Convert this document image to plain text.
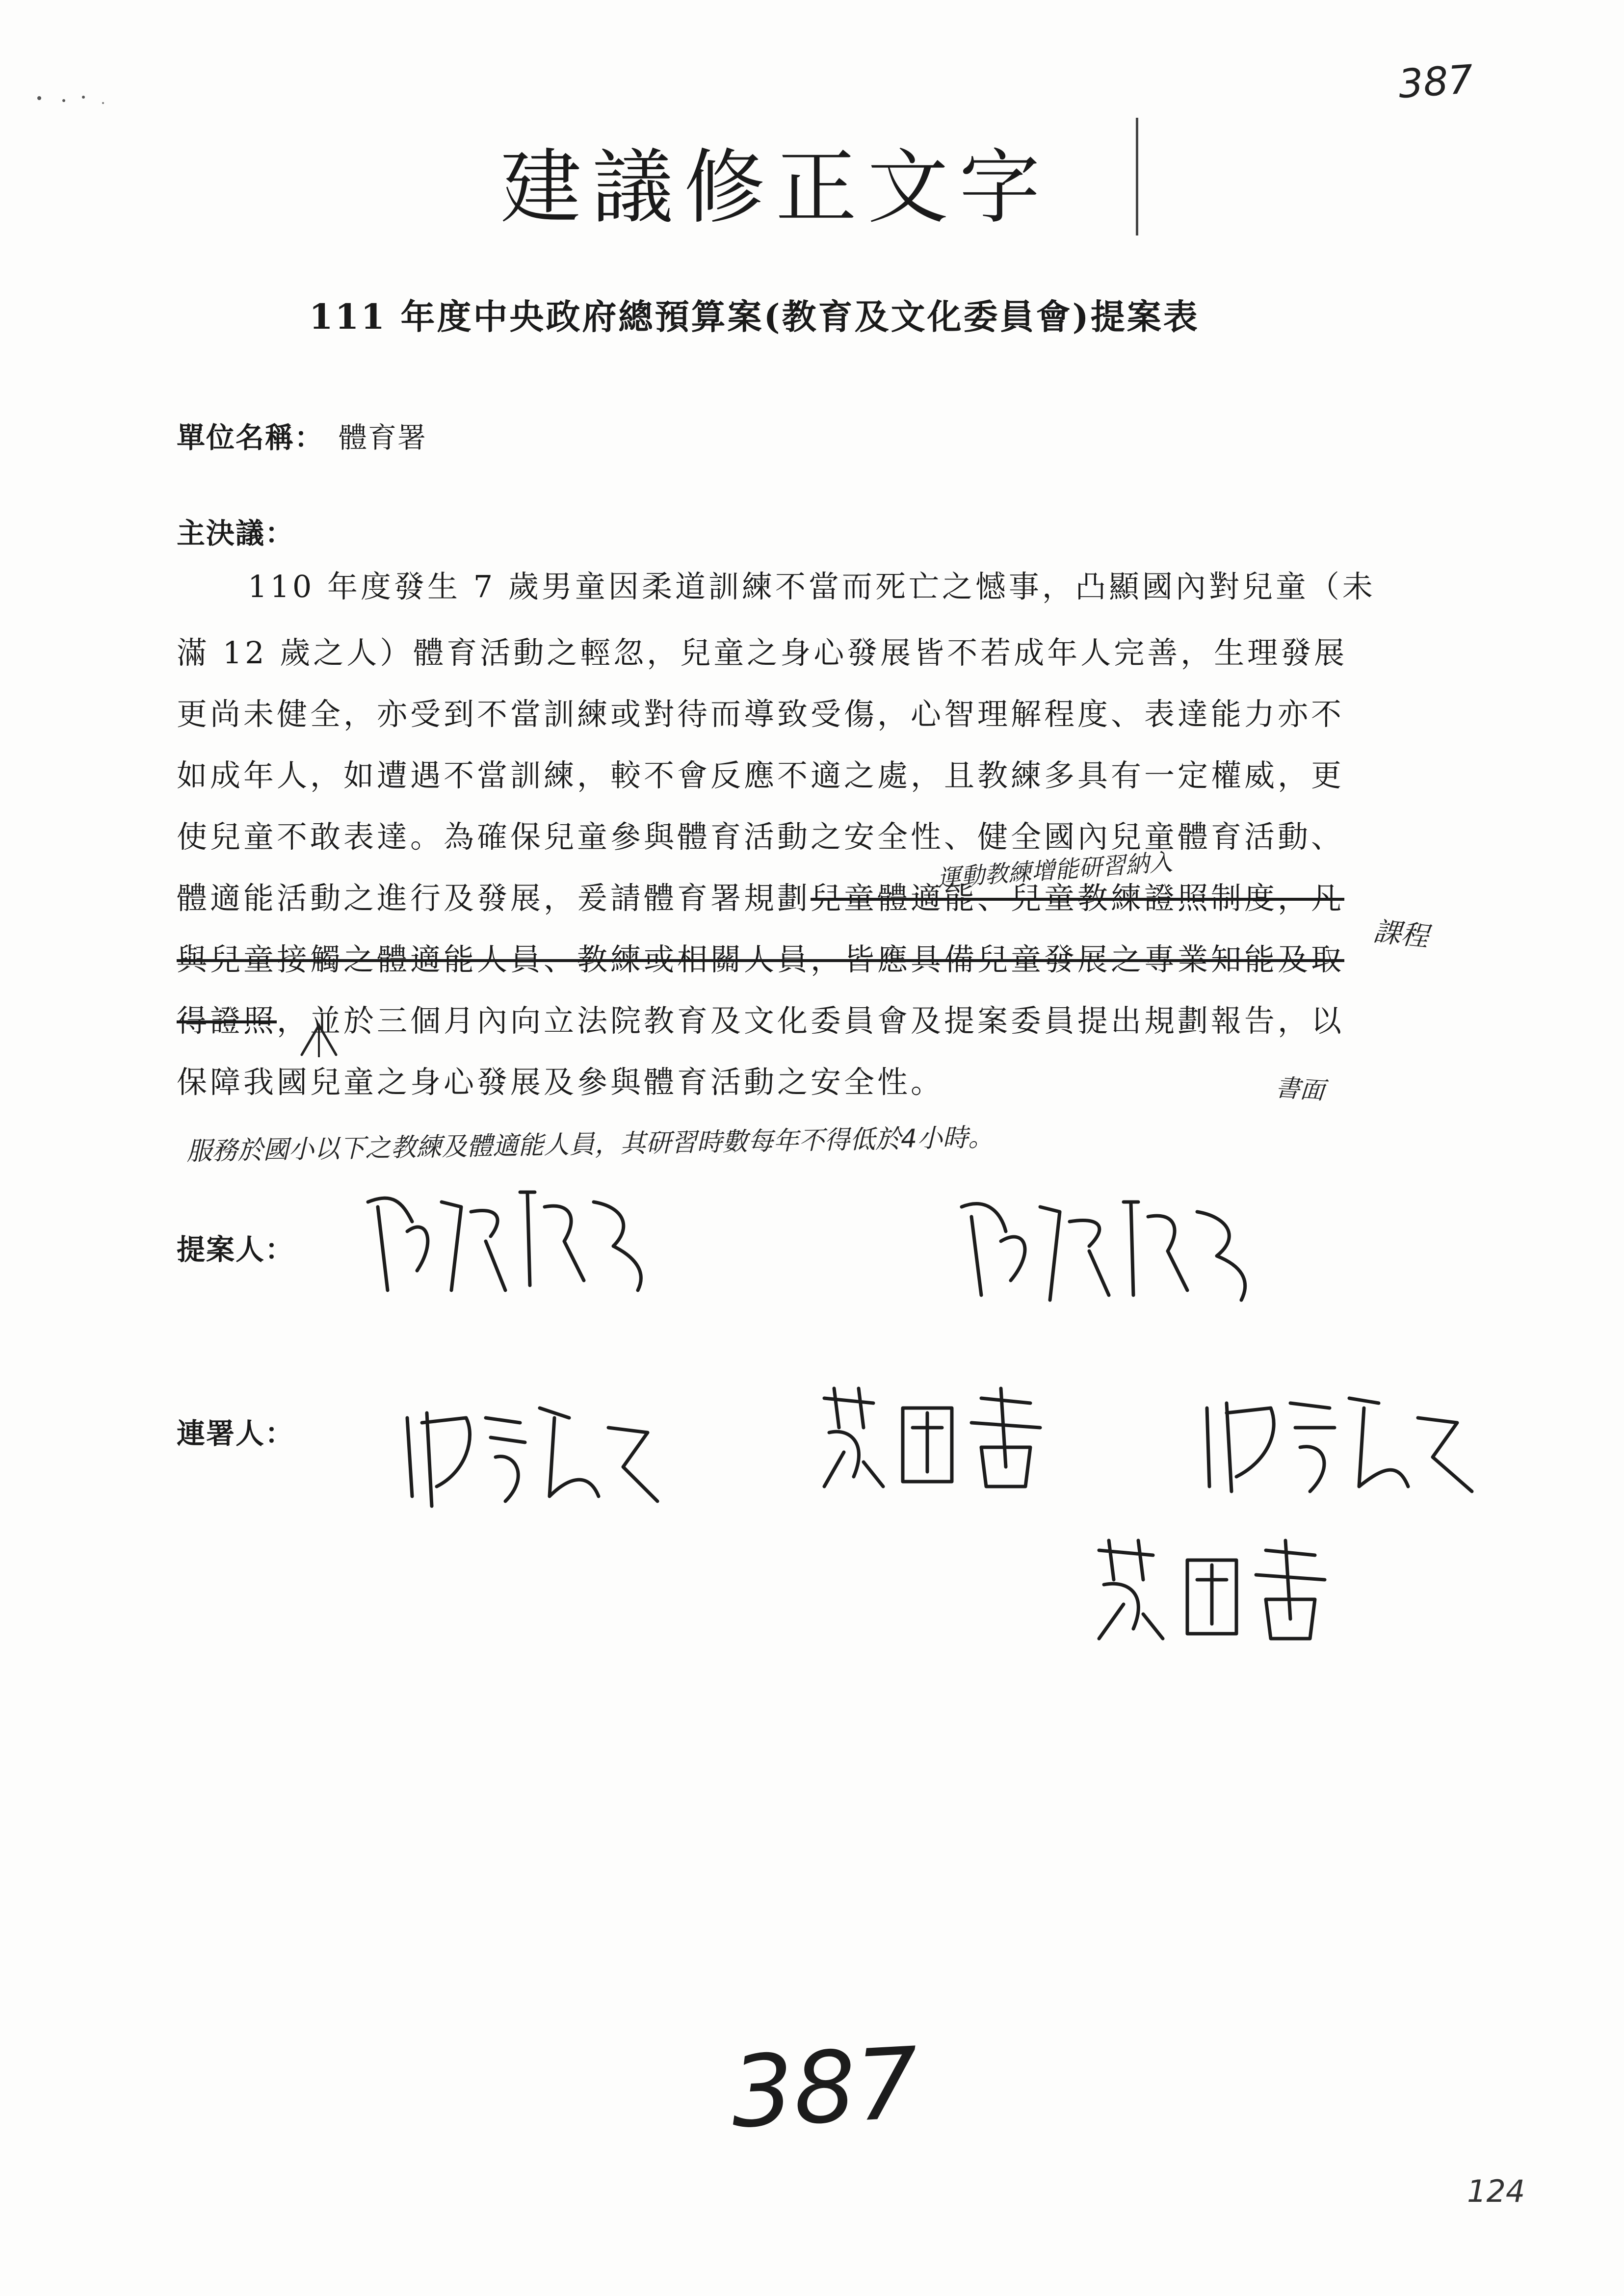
387
建議修正文字
111 年度中央政府總預算案(教育及文化委員會)提案表
單位名稱： 體育署
主決議：
110 年度發生 7 歲男童因柔道訓練不當而死亡之憾事，凸顯國內對兒童（未
滿 12 歲之人）體育活動之輕忽，兒童之身心發展皆不若成年人完善，生理發展
更尚未健全，亦受到不當訓練或對待而導致受傷，心智理解程度、表達能力亦不
如成年人，如遭遇不當訓練，較不會反應不適之處，且教練多具有一定權威，更
使兒童不敢表達。為確保兒童參與體育活動之安全性、健全國內兒童體育活動、
體適能活動之進行及發展，爰請體育署規劃兒童體適能、兒童教練證照制度，凡
與兒童接觸之體適能人員、教練或相關人員，皆應具備兒童發展之專業知能及取
得證照，並於三個月內向立法院教育及文化委員會及提案委員提出規劃報告，以
保障我國兒童之身心發展及參與體育活動之安全性。
運動教練增能研習納入
課程
書面
服務於國小以下之教練及體適能人員，其研習時數每年不得低於4小時。
提案人：
連署人：
387
124
